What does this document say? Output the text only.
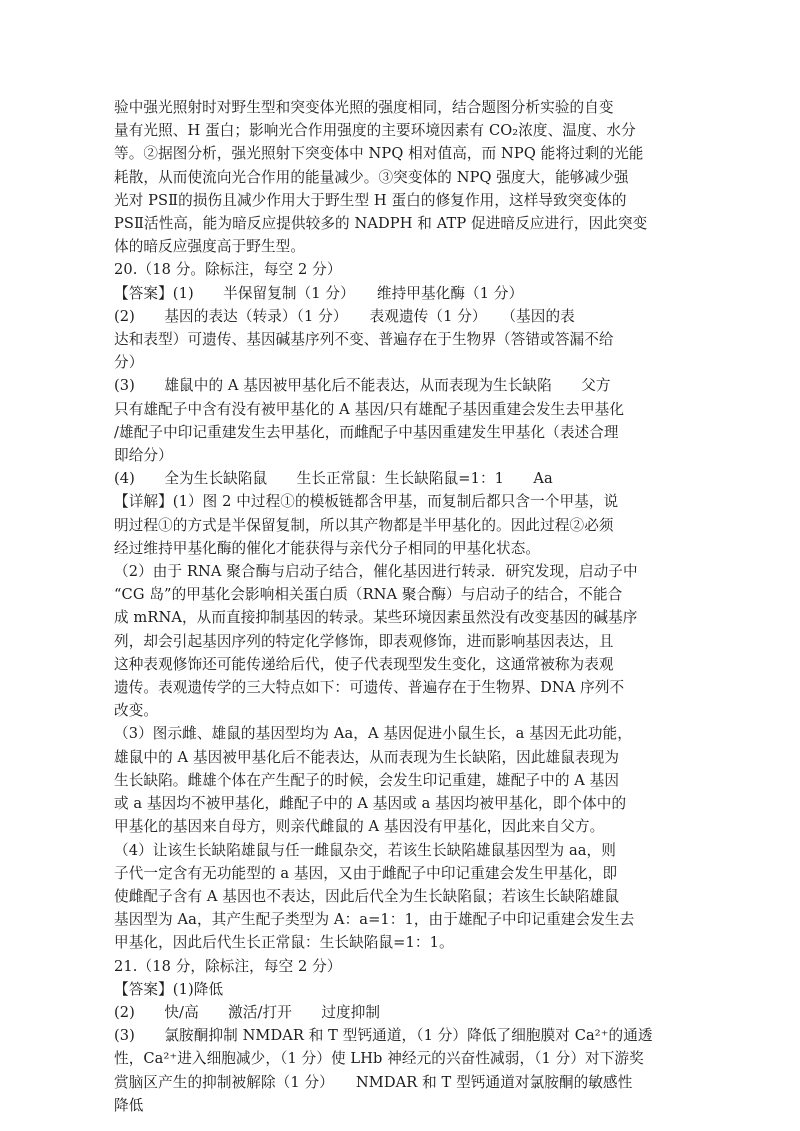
验中强光照射时对野生型和突变体光照的强度相同，结合题图分析实验的自变
量有光照、H 蛋白；影响光合作用强度的主要环境因素有 CO₂浓度、温度、水分
等。②据图分析，强光照射下突变体中 NPQ 相对值高，而 NPQ 能将过剩的光能
耗散，从而使流向光合作用的能量减少。③突变体的 NPQ 强度大，能够减少强
光对 PSⅡ的损伤且减少作用大于野生型 H 蛋白的修复作用，这样导致突变体的
PSⅡ活性高，能为暗反应提供较多的 NADPH 和 ATP 促进暗反应进行，因此突变
体的暗反应强度高于野生型。
20.（18 分。除标注，每空 2 分）
【答案】(1)　　半保留复制（1 分）　　维持甲基化酶（1 分）
(2)　　基因的表达（转录）（1 分）　　表观遗传（1 分）　　（基因的表
达和表型）可遗传、基因碱基序列不变、普遍存在于生物界（答错或答漏不给
分）
(3)　　雄鼠中的 A 基因被甲基化后不能表达，从而表现为生长缺陷　　父方
只有雄配子中含有没有被甲基化的 A 基因/只有雄配子基因重建会发生去甲基化
/雄配子中印记重建发生去甲基化，而雌配子中基因重建发生甲基化（表述合理
即给分）
(4)　　全为生长缺陷鼠　　生长正常鼠：生长缺陷鼠=1：1　　Aa
【详解】(1）图 2 中过程①的模板链都含甲基，而复制后都只含一个甲基，说
明过程①的方式是半保留复制，所以其产物都是半甲基化的。因此过程②必须
经过维持甲基化酶的催化才能获得与亲代分子相同的甲基化状态。
（2）由于 RNA 聚合酶与启动子结合，催化基因进行转录．研究发现，启动子中
“CG 岛”的甲基化会影响相关蛋白质（RNA 聚合酶）与启动子的结合，不能合
成 mRNA，从而直接抑制基因的转录。某些环境因素虽然没有改变基因的碱基序
列，却会引起基因序列的特定化学修饰，即表观修饰，进而影响基因表达，且
这种表观修饰还可能传递给后代，使子代表现型发生变化，这通常被称为表观
遗传。表观遗传学的三大特点如下：可遗传、普遍存在于生物界、DNA 序列不
改变。
（3）图示雌、雄鼠的基因型均为 Aa，A 基因促进小鼠生长，a 基因无此功能，
雄鼠中的 A 基因被甲基化后不能表达，从而表现为生长缺陷，因此雄鼠表现为
生长缺陷。雌雄个体在产生配子的时候，会发生印记重建，雄配子中的 A 基因
或 a 基因均不被甲基化，雌配子中的 A 基因或 a 基因均被甲基化，即个体中的
甲基化的基因来自母方，则亲代雌鼠的 A 基因没有甲基化，因此来自父方。
（4）让该生长缺陷雄鼠与任一雌鼠杂交，若该生长缺陷雄鼠基因型为 aa，则
子代一定含有无功能型的 a 基因，又由于雌配子中印记重建会发生甲基化，即
使雌配子含有 A 基因也不表达，因此后代全为生长缺陷鼠；若该生长缺陷雄鼠
基因型为 Aa，其产生配子类型为 A：a=1：1，由于雄配子中印记重建会发生去
甲基化，因此后代生长正常鼠：生长缺陷鼠=1：1。
21.（18 分，除标注，每空 2 分）
【答案】(1)降低
(2)　　快/高　　激活/打开　　过度抑制
(3)　　氯胺酮抑制 NMDAR 和 T 型钙通道，（1 分）降低了细胞膜对 Ca²⁺的通透
性，Ca²⁺进入细胞减少，（1 分）使 LHb 神经元的兴奋性减弱，（1 分）对下游奖
赏脑区产生的抑制被解除（1 分）　　NMDAR 和 T 型钙通道对氯胺酮的敏感性
降低
